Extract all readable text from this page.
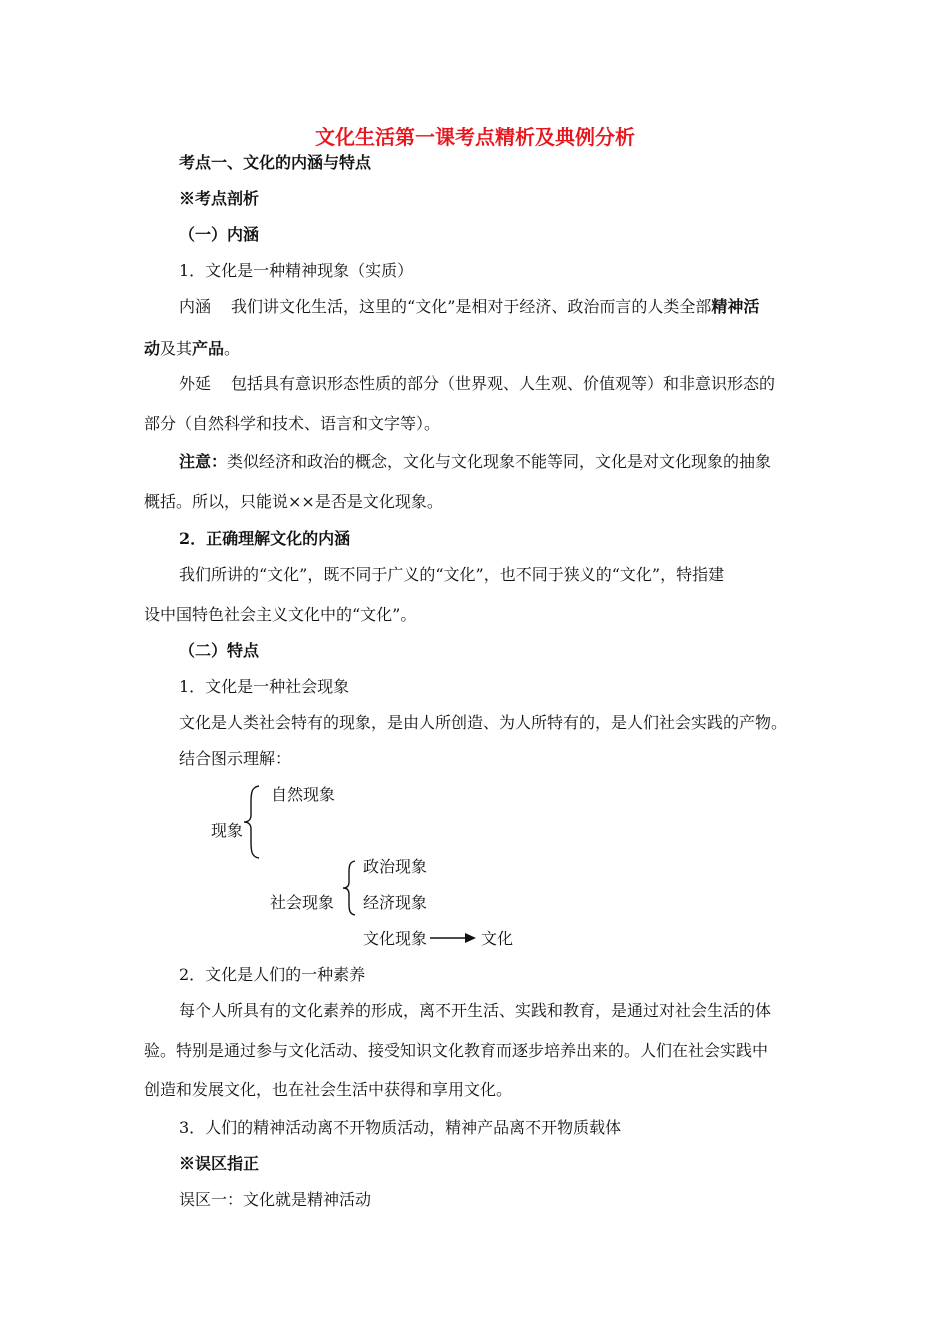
文化生活第一课考点精析及典例分析
考点一、文化的内涵与特点
※考点剖析
（一）内涵
1．文化是一种精神现象（实质）
内涵 我们讲文化生活，这里的“文化”是相对于经济、政治而言的人类全部精神活
动及其产品。
外延 包括具有意识形态性质的部分（世界观、人生观、价值观等）和非意识形态的
部分（自然科学和技术、语言和文字等）。
注意：类似经济和政治的概念，文化与文化现象不能等同，文化是对文化现象的抽象
概括。所以，只能说××是否是文化现象。
2．正确理解文化的内涵
我们所讲的“文化”，既不同于广义的“文化”，也不同于狭义的“文化”，特指建
设中国特色社会主义文化中的“文化”。
（二）特点
1．文化是一种社会现象
文化是人类社会特有的现象，是由人所创造、为人所特有的，是人们社会实践的产物。
结合图示理解：
自然现象
现象
政治现象
社会现象 经济现象
文化现象	文化
2．文化是人们的一种素养
每个人所具有的文化素养的形成，离不开生活、实践和教育，是通过对社会生活的体
验。特别是通过参与文化活动、接受知识文化教育而逐步培养出来的。人们在社会实践中
创造和发展文化，也在社会生活中获得和享用文化。
3．人们的精神活动离不开物质活动，精神产品离不开物质载体
※误区指正
误区一：文化就是精神活动
